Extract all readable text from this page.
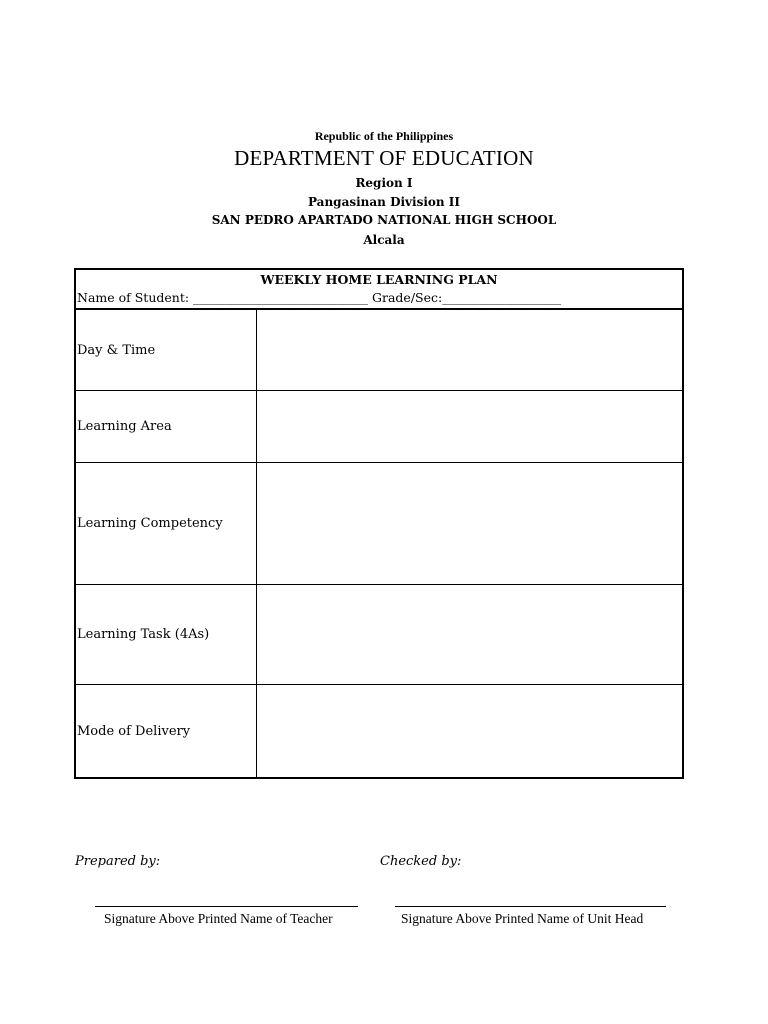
Republic of the Philippines
DEPARTMENT OF EDUCATION
Region I
Pangasinan Division II
SAN PEDRO APARTADO NATIONAL HIGH SCHOOL
Alcala
WEEKLY HOME LEARNING PLAN
Name of Student: ____________________________ Grade/Sec:___________________
Day & Time
Learning Area
Learning Competency
Learning Task (4As)
Mode of Delivery
Prepared by:	Checked by:
Signature Above Printed Name of Teacher	Signature Above Printed Name of Unit Head
